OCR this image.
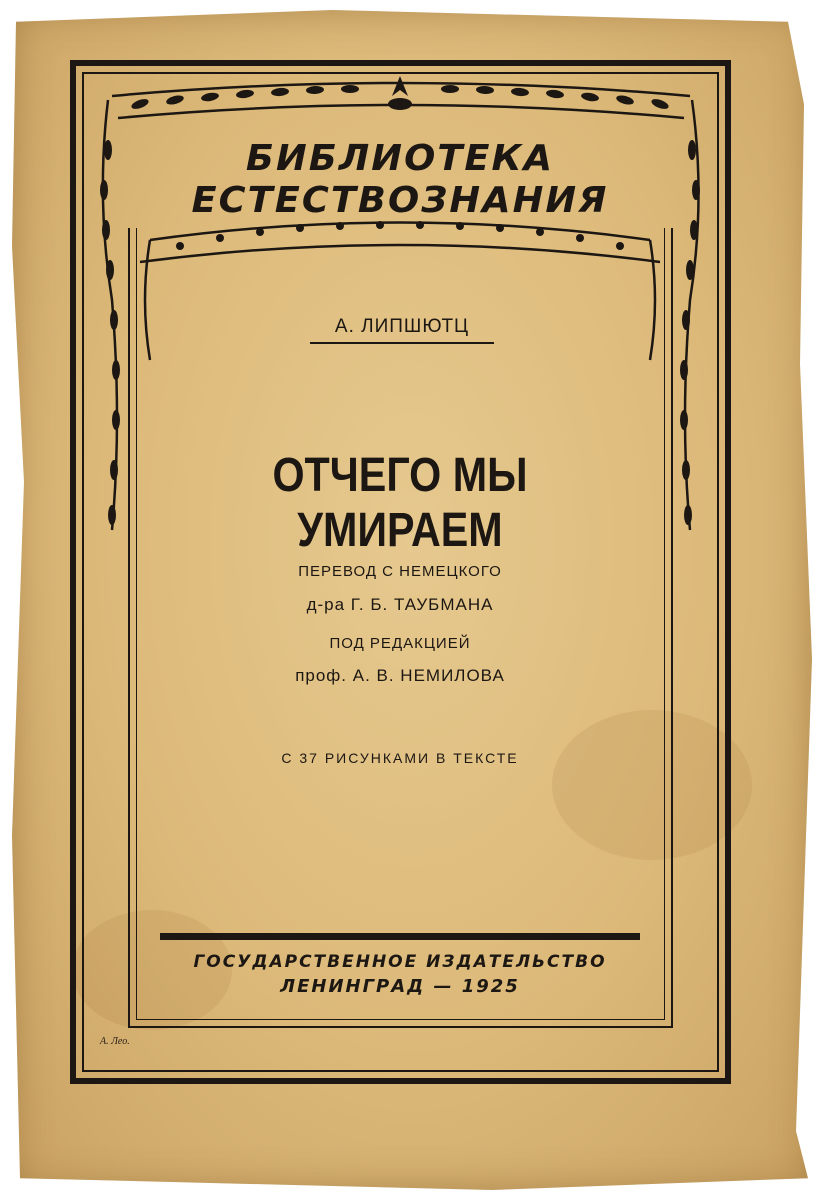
БИБЛИОТЕКА
ЕСТЕСТВОЗНАНИЯ
А. ЛИПШЮТЦ
ОТЧЕГО МЫ УМИРАЕМ
ПЕРЕВОД С НЕМЕЦКОГО
д-ра Г. Б. ТАУБМАНА
ПОД РЕДАКЦИЕЙ
проф. А. В. НЕМИЛОВА
С 37 РИСУНКАМИ В ТЕКСТЕ
ГОСУДАРСТВЕННОЕ ИЗДАТЕЛЬСТВО
ЛЕНИНГРАД — 1925
А. Лео.
